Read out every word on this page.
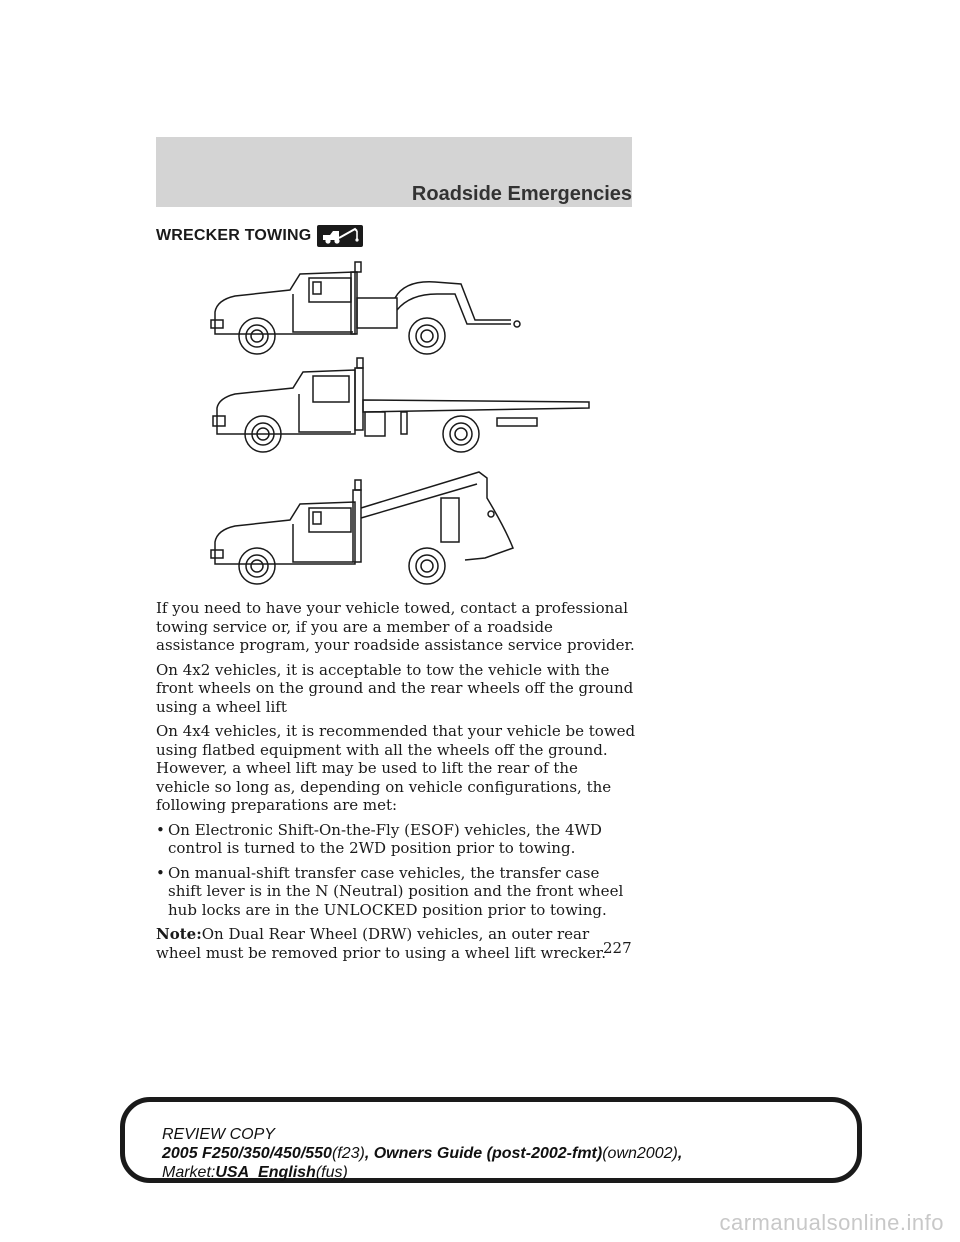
Roadside Emergencies
WRECKER TOWING

If you need to have your vehicle towed, contact a professional towing service or, if you are a member of a roadside assistance program, your roadside assistance service provider.

On 4x2 vehicles, it is acceptable to tow the vehicle with the front wheels on the ground and the rear wheels off the ground using a wheel lift

On 4x4 vehicles, it is recommended that your vehicle be towed using flatbed equipment with all the wheels off the ground. However, a wheel lift may be used to lift the rear of the vehicle so long as, depending on vehicle configurations, the following preparations are met:

• On Electronic Shift-On-the-Fly (ESOF) vehicles, the 4WD control is turned to the 2WD position prior to towing.
• On manual-shift transfer case vehicles, the transfer case shift lever is in the N (Neutral) position and the front wheel hub locks are in the UNLOCKED position prior to towing.

Note:On Dual Rear Wheel (DRW) vehicles, an outer rear wheel must be removed prior to using a wheel lift wrecker.

227
REVIEW COPY
2005 F250/350/450/550(f23), Owners Guide (post-2002-fmt)(own2002),
Market:USA_English(fus)
carmanualsonline.info
